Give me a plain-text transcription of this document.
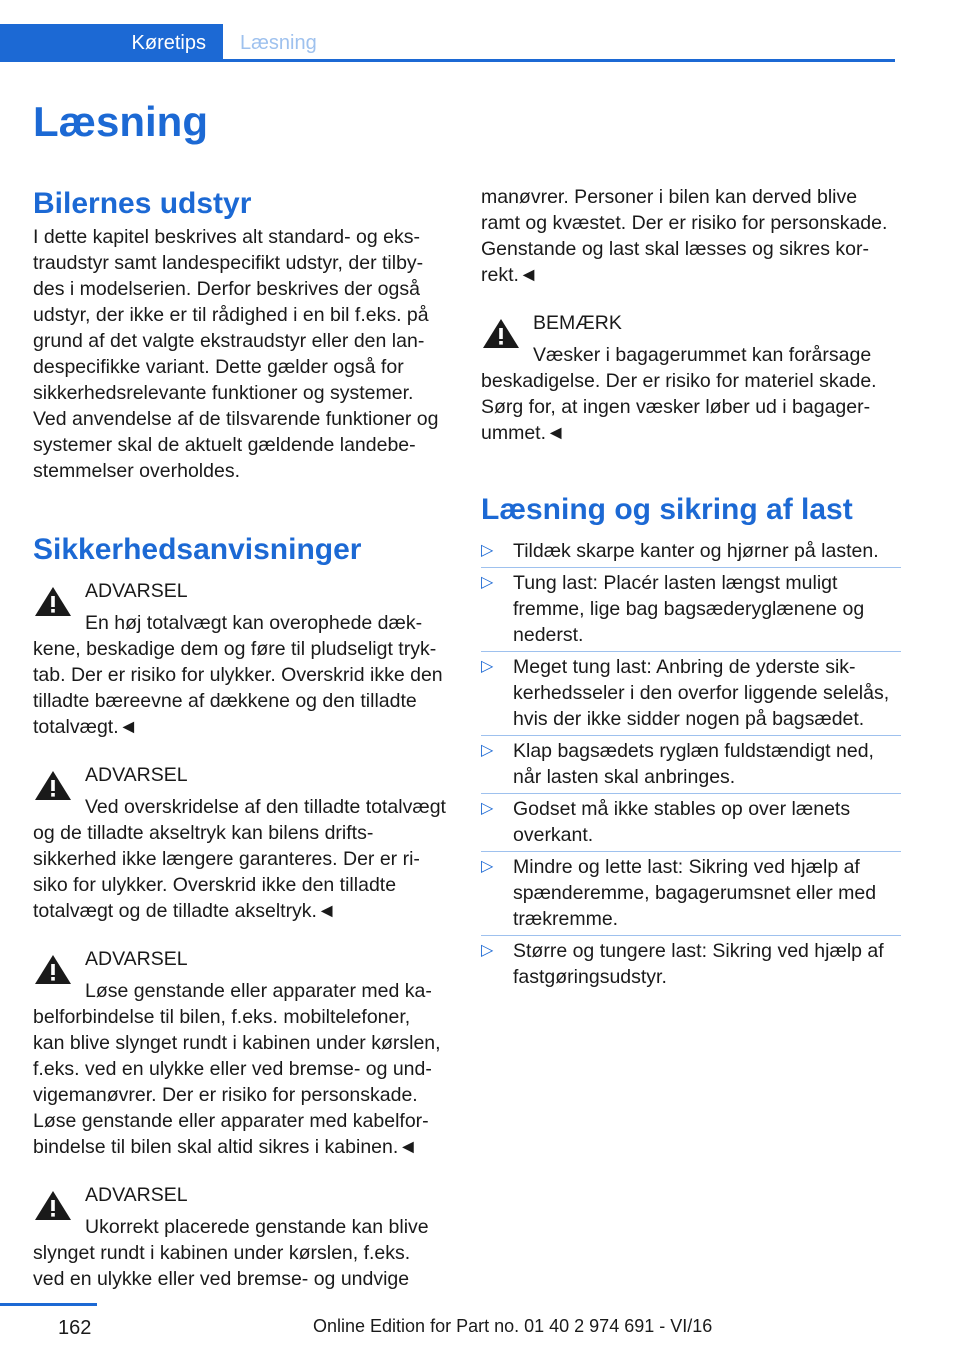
Køretips Læsning
Læsning
Bilernes udstyr

I dette kapitel beskrives alt standard- og ekstraudstyr samt landespecifikt udstyr, der tilbydes i modelserien. Derfor beskrives der også udstyr, der ikke er til rådighed i en bil f.eks. på grund af det valgte ekstraudstyr eller den landespecifikke variant. Dette gælder også for sikkerhedsrelevante funktioner og systemer. Ved anvendelse af de tilsvarende funktioner og systemer skal de aktuelt gældende landebestemmelser overholdes.

Sikkerhedsanvisninger

ADVARSEL

En høj totalvægt kan overophede dækkene, beskadige dem og føre til pludseligt tryktab. Der er risiko for ulykker. Overskrid ikke den tilladte bæreevne af dækkene og den tilladte totalvægt.◄

ADVARSEL

Ved overskridelse af den tilladte totalvægt og de tilladte akseltryk kan bilens driftssikkerhed ikke længere garanteres. Der er risiko for ulykker. Overskrid ikke den tilladte totalvægt og de tilladte akseltryk.◄

ADVARSEL

Løse genstande eller apparater med kabelforbindelse til bilen, f.eks. mobiltelefoner, kan blive slynget rundt i kabinen under kørslen, f.eks. ved en ulykke eller ved bremse- og undvigemanøvrer. Der er risiko for personskade. Løse genstande eller apparater med kabelforbindelse til bilen skal altid sikres i kabinen.◄

ADVARSEL

Ukorrekt placerede genstande kan blive slynget rundt i kabinen under kørslen, f.eks. ved en ulykke eller ved bremse- og undvige

manøvrer. Personer i bilen kan derved blive ramt og kvæstet. Der er risiko for personskade. Genstande og last skal læsses og sikres korrekt.◄

BEMÆRK

Væsker i bagagerummet kan forårsage beskadigelse. Der er risiko for materiel skade. Sørg for, at ingen væsker løber ud i bagagerummet.◄

Læsning og sikring af last
▷ Tildæk skarpe kanter og hjørner på lasten.
▷ Tung last: Placér lasten længst muligt fremme, lige bag bagsæderyglænene og nederst.
▷ Meget tung last: Anbring de yderste sikkerhedsseler i den overfor liggende selelås, hvis der ikke sidder nogen på bagsædet.
▷ Klap bagsædets ryglæn fuldstændigt ned, når lasten skal anbringes.
▷ Godset må ikke stables op over lænets overkant.
▷ Mindre og lette last: Sikring ved hjælp af spænderemme, bagagerumsnet eller med trækremme.
▷ Større og tungere last: Sikring ved hjælp af fastgøringsudstyr.
162	Online Edition for Part no. 01 40 2 974 691 - VI/16
